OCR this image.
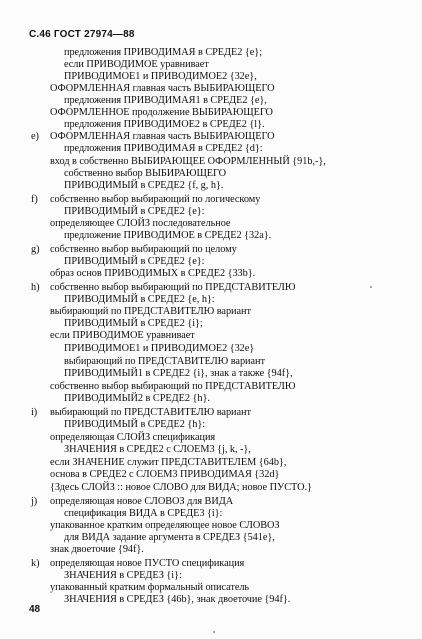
С.46 ГОСТ 27974—88
предложения ПРИВОДИМАЯ в СРЕДЕ2 {е};
если ПРИВОДИМОЕ уравнивает
ПРИВОДИМОЕ1 и ПРИВОДИМОЕ2 {32е},
ОФОРМЛЕННАЯ главная часть ВЫБИРАЮЩЕГО
предложения ПРИВОДИМАЯ1 в СРЕДЕ2 {е},
ОФОРМЛЕННОЕ продолжение ВЫБИРАЮЩЕГО
предложения ПРИВОДИМОЕ2 в СРЕДЕ2 {l}.
е) ОФОРМЛЕННАЯ главная часть ВЫБИРАЮЩЕГО
предложения ПРИВОДИМАЯ в СРЕДЕ2 {d}:
вход в собственно ВЫБИРАЮЩЕЕ ОФОРМЛЕННЫЙ {91b,-},
собственно выбор ВЫБИРАЮЩЕГО
ПРИВОДИМЫЙ в СРЕДЕ2 {f, g, h}.
f) собственно выбор выбирающий по логическому
ПРИВОДИМЫЙ в СРЕДЕ2 {е}:
определяющее СЛОЙЗ последовательное
предложение ПРИВОДИМОЕ в СРЕДЕ2 {32а}.
g) собственно выбор выбирающий по целому
ПРИВОДИМЫЙ в СРЕДЕ2 {е}:
образ основ ПРИВОДИМЫХ в СРЕДЕ2 {33b}.
h) собственно выбор выбирающий по ПРЕДСТАВИТЕЛЮ
ПРИВОДИМЫЙ в СРЕДЕ2 {е, h}:
выбирающий по ПРЕДСТАВИТЕЛЮ вариант
ПРИВОДИМЫЙ в СРЕДЕ2 {i};
если ПРИВОДИМОЕ уравнивает
ПРИВОДИМОЕ1 и ПРИВОДИМОЕ2 {32е}
выбирающий по ПРЕДСТАВИТЕЛЮ вариант
ПРИВОДИМЫЙ1 в СРЕДЕ2 {i}, знак а также {94f},
собственно выбор выбирающий по ПРЕДСТАВИТЕЛЮ
ПРИВОДИМЫЙ2 в СРЕДЕ2 {h}.
i) выбирающий по ПРЕДСТАВИТЕЛЮ вариант
ПРИВОДИМЫЙ в СРЕДЕ2 {h}:
определяющая СЛОЙЗ спецификация
ЗНАЧЕНИЯ в СРЕДЕ2 с СЛОЕМ3 {j, k, -},
если ЗНАЧЕНИЕ служит ПРЕДСТАВИТЕЛЕМ {64b},
основа в СРЕДЕ2 с СЛОЕМ3 ПРИВОДИМАЯ {32d}
{Здесь СЛОЙЗ :: новое СЛОВО для ВИДА; новое ПУСТО.}
j) определяющая новое СЛОВОЗ для ВИДА
спецификация ВИДА в СРЕДЕ3 {i}:
упакованное кратким определяющее новое СЛОВОЗ
для ВИДА задание аргумента в СРЕДЕЗ {541е},
знак двоеточие {94f}.
k) определяющая новое ПУСТО спецификация
ЗНАЧЕНИЯ в СРЕДЕЗ {i}:
упакованный кратким формальный описатель
ЗНАЧЕНИЯ в СРЕДЕЗ {46b}, знак двоеточие {94f}.
48
